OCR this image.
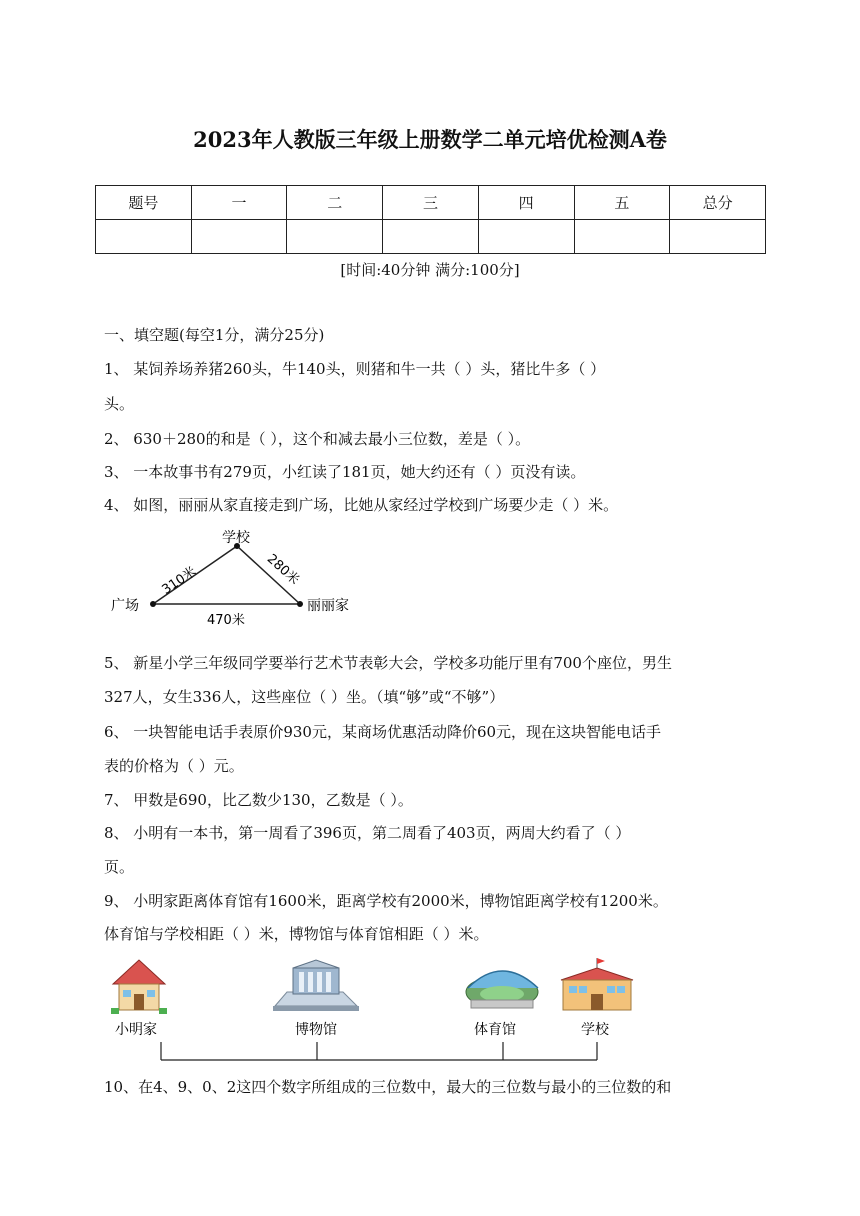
2023年人教版三年级上册数学二单元培优检测A卷
题号	一	二	三	四	五	总分

[时间:40分钟 满分:100分]
一、填空题(每空1分，满分25分)
1、 某饲养场养猪260头，牛140头，则猪和牛一共（ ）头，猪比牛多（ ）
头。
2、 630＋280的和是（ ），这个和减去最小三位数，差是（ ）。
3、 一本故事书有279页，小红读了181页，她大约还有（ ）页没有读。
4、 如图，丽丽从家直接走到广场，比她从家经过学校到广场要少走（ ）米。
学校
广场	丽丽家
310米	280米
470米
5、 新星小学三年级同学要举行艺术节表彰大会，学校多功能厅里有700个座位，男生
327人，女生336人，这些座位（ ）坐。（填“够”或“不够”）
6、 一块智能电话手表原价930元，某商场优惠活动降价60元，现在这块智能电话手
表的价格为（ ）元。
7、 甲数是690，比乙数少130，乙数是（ ）。
8、 小明有一本书，第一周看了396页，第二周看了403页，两周大约看了（ ）
页。
9、 小明家距离体育馆有1600米，距离学校有2000米，博物馆距离学校有1200米。
体育馆与学校相距（ ）米，博物馆与体育馆相距（ ）米。
小明家	博物馆	体育馆	学校
10、在4、9、0、2这四个数字所组成的三位数中，最大的三位数与最小的三位数的和
